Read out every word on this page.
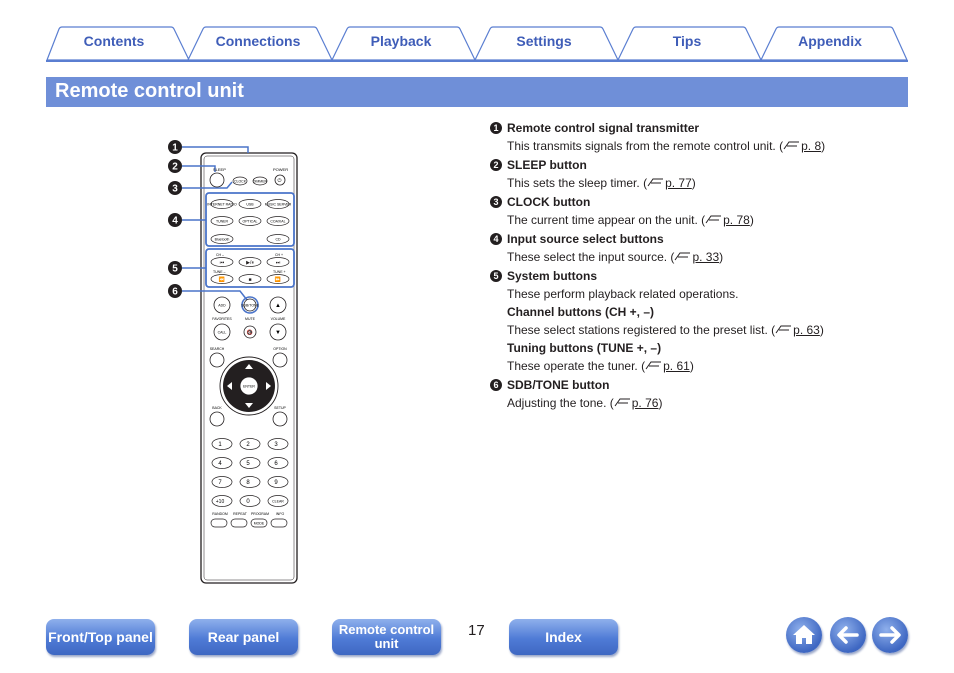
Contents	Connections	Playback	Settings	Tips	Appendix
Remote control unit
1
2
3
4
5
6
SLEEP	POWER
⏻
CLOCK DIMMER
INTERNET RADIO	USB	MUSIC SERVER
TUNER	OPTICAL	COAXIAL
Bluetooth	CD
CH –	CH +
TUNE –	TUNE +
⏮	▶/⏸	⏭
⏪	■	⏩
ADD	SDB/TONE	▲
FAVORITES	MUTE	VOLUME
CALL	🔇	▼
SEARCH	OPTION
ENTER
BACK	SETUP
1	2	3
4	5	6
7	8	9
+10	0	CLEAR
RANDOM REPEAT PROGRAM INFO
MODE
1 Remote control signal transmitter
This transmits signals from the remote control unit. ( p. 8)
2 SLEEP button
This sets the sleep timer. ( p. 77)
3 CLOCK button
The current time appear on the unit. ( p. 78)
4 Input source select buttons
These select the input source. ( p. 33)
5 System buttons
These perform playback related operations.
Channel buttons (CH +, –)
These select stations registered to the preset list. ( p. 63)
Tuning buttons (TUNE +, –)
These operate the tuner. ( p. 61)
6 SDB/TONE button
Adjusting the tone. ( p. 76)
Front/Top panel	Rear panel	Remote control unit
17	Index
